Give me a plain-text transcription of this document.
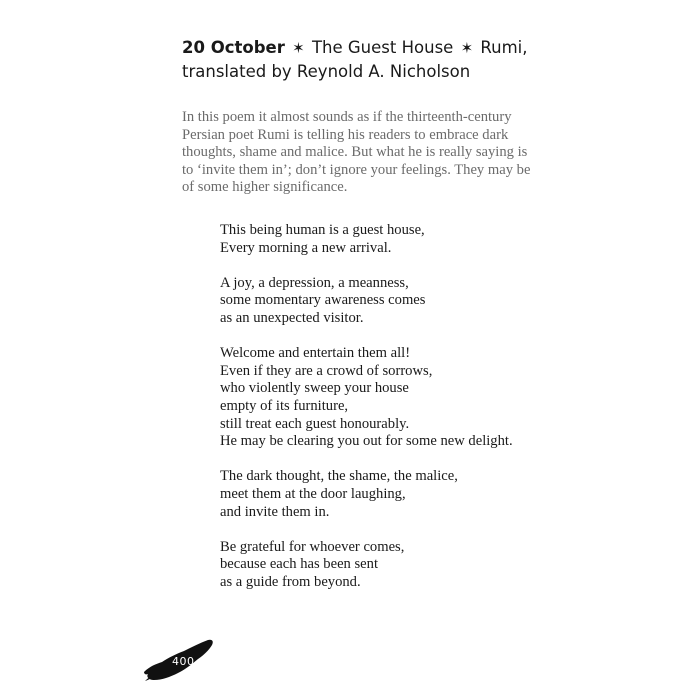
20 October ✶ The Guest House ✶ Rumi,
translated by Reynold A. Nicholson
In this poem it almost sounds as if the thirteenth-century
Persian poet Rumi is telling his readers to embrace dark
thoughts, shame and malice. But what he is really saying is
to ‘invite them in’; don’t ignore your feelings. They may be
of some higher significance.
This being human is a guest house,
Every morning a new arrival.
A joy, a depression, a meanness,
some momentary awareness comes
as an unexpected visitor.
Welcome and entertain them all!
Even if they are a crowd of sorrows,
who violently sweep your house
empty of its furniture,
still treat each guest honourably.
He may be clearing you out for some new delight.
The dark thought, the shame, the malice,
meet them at the door laughing,
and invite them in.
Be grateful for whoever comes,
because each has been sent
as a guide from beyond.
400
